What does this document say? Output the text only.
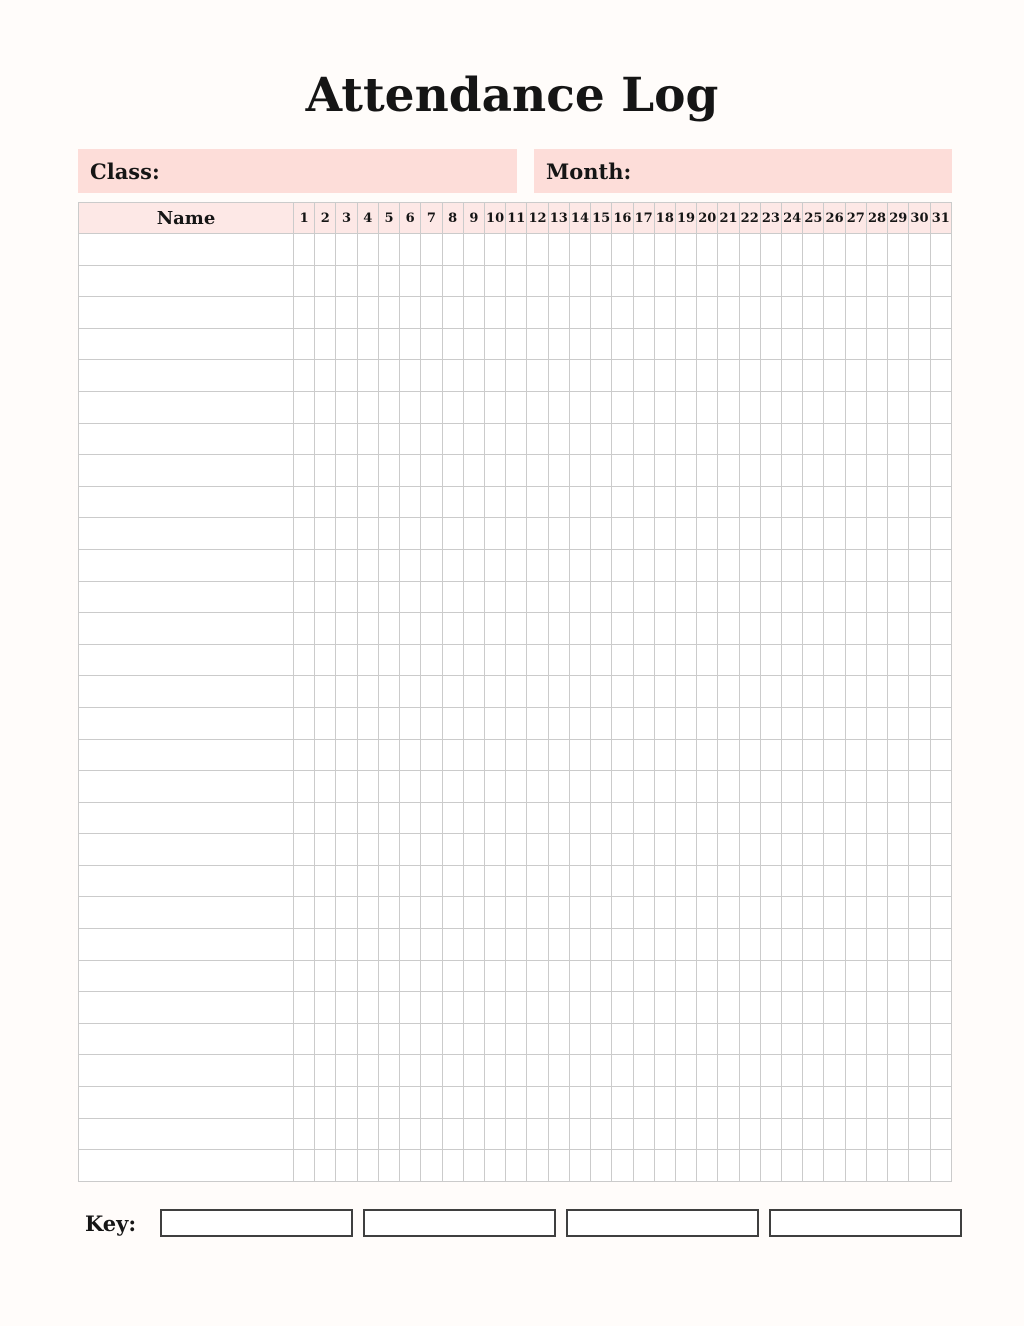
Attendance Log
Class:	Month:
Name	1	2	3	4	5	6	7	8	9	10	11	12	13	14	15	16	17	18	19	20	21	22	23	24	25	26	27	28	29	30	31

Key:
